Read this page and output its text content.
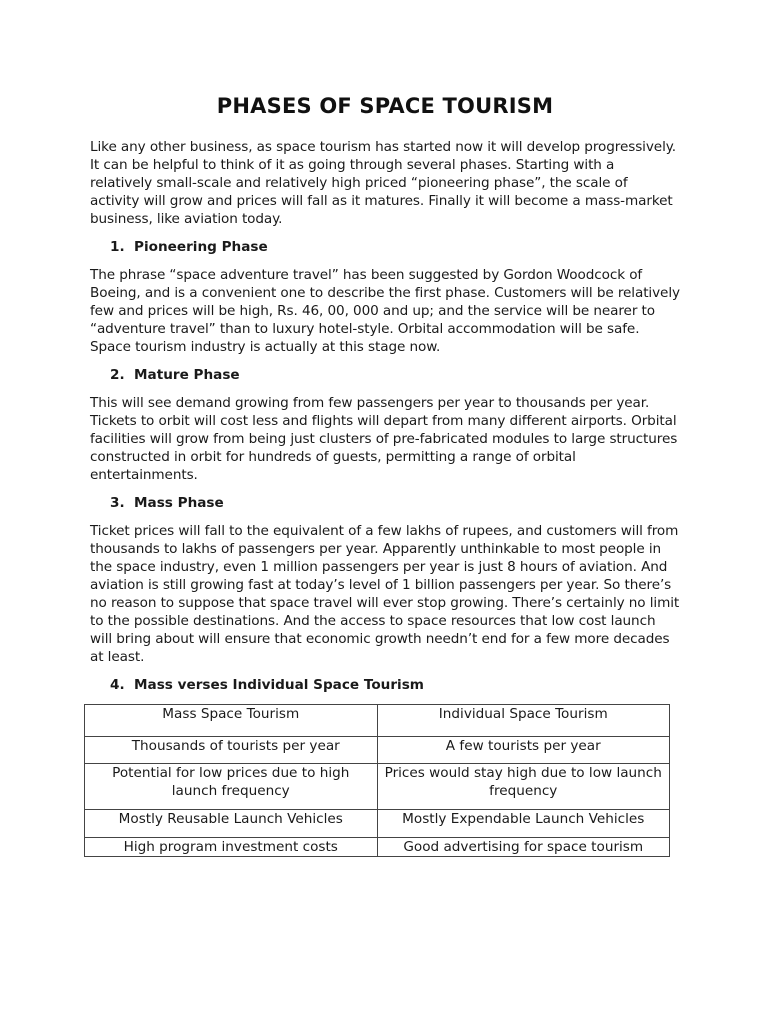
PHASES OF SPACE TOURISM

Like any other business, as space tourism has started now it will develop progressively. It can be helpful to think of it as going through several phases. Starting with a relatively small-scale and relatively high priced “pioneering phase”, the scale of activity will grow and prices will fall as it matures. Finally it will become a mass-market business, like aviation today.

1. Pioneering Phase

The phrase “space adventure travel” has been suggested by Gordon Woodcock of Boeing, and is a convenient one to describe the first phase. Customers will be relatively few and prices will be high, Rs. 46, 00, 000 and up; and the service will be nearer to “adventure travel” than to luxury hotel-style. Orbital accommodation will be safe. Space tourism industry is actually at this stage now.

2. Mature Phase

This will see demand growing from few passengers per year to thousands per year. Tickets to orbit will cost less and flights will depart from many different airports. Orbital facilities will grow from being just clusters of pre-fabricated modules to large structures constructed in orbit for hundreds of guests, permitting a range of orbital entertainments.

3. Mass Phase

Ticket prices will fall to the equivalent of a few lakhs of rupees, and customers will from thousands to lakhs of passengers per year. Apparently unthinkable to most people in the space industry, even 1 million passengers per year is just 8 hours of aviation. And aviation is still growing fast at today’s level of 1 billion passengers per year. So there’s no reason to suppose that space travel will ever stop growing. There’s certainly no limit to the possible destinations. And the access to space resources that low cost launch will bring about will ensure that economic growth needn’t end for a few more decades at least.

4. Mass verses Individual Space Tourism
Mass Space Tourism	Individual Space Tourism
Thousands of tourists per year	A few tourists per year
Potential for low prices due to high launch frequency	Prices would stay high due to low launch frequency
Mostly Reusable Launch Vehicles	Mostly Expendable Launch Vehicles
High program investment costs	Good advertising for space tourism
